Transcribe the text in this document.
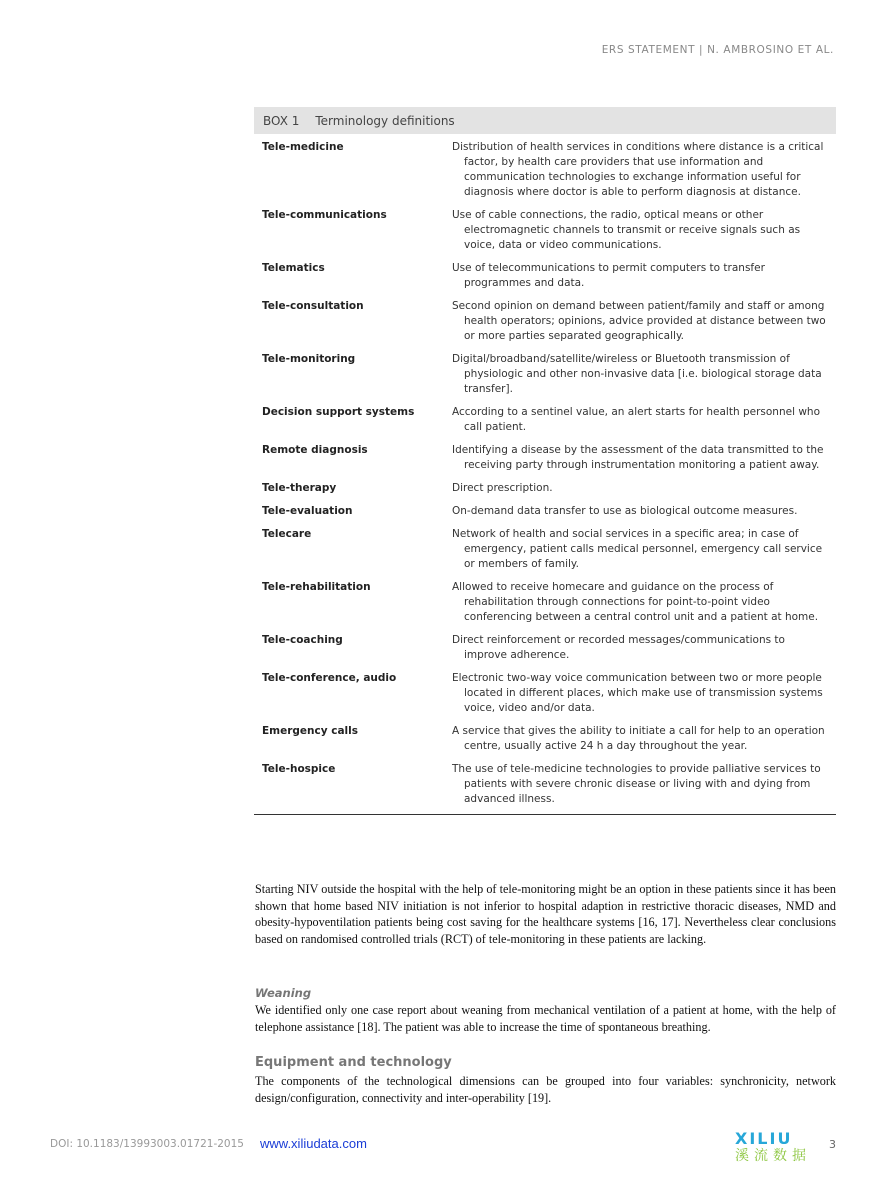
ERS STATEMENT | N. AMBROSINO ET AL.
BOX 1 Terminology definitions
Tele-medicine	Distribution of health services in conditions where distance is a critical factor, by health care providers that use information and communication technologies to exchange information useful for diagnosis where doctor is able to perform diagnosis at distance.
Tele-communications	Use of cable connections, the radio, optical means or other electromagnetic channels to transmit or receive signals such as voice, data or video communications.
Telematics	Use of telecommunications to permit computers to transfer programmes and data.
Tele-consultation	Second opinion on demand between patient/family and staff or among health operators; opinions, advice provided at distance between two or more parties separated geographically.
Tele-monitoring	Digital/broadband/satellite/wireless or Bluetooth transmission of physiologic and other non-invasive data [i.e. biological storage data transfer].
Decision support systems	According to a sentinel value, an alert starts for health personnel who call patient.
Remote diagnosis	Identifying a disease by the assessment of the data transmitted to the receiving party through instrumentation monitoring a patient away.
Tele-therapy	Direct prescription.
Tele-evaluation	On-demand data transfer to use as biological outcome measures.
Telecare	Network of health and social services in a specific area; in case of emergency, patient calls medical personnel, emergency call service or members of family.
Tele-rehabilitation	Allowed to receive homecare and guidance on the process of rehabilitation through connections for point-to-point video conferencing between a central control unit and a patient at home.
Tele-coaching	Direct reinforcement or recorded messages/communications to improve adherence.
Tele-conference, audio	Electronic two-way voice communication between two or more people located in different places, which make use of transmission systems voice, video and/or data.
Emergency calls	A service that gives the ability to initiate a call for help to an operation centre, usually active 24 h a day throughout the year.
Tele-hospice	The use of tele-medicine technologies to provide palliative services to patients with severe chronic disease or living with and dying from advanced illness.

Starting NIV outside the hospital with the help of tele-monitoring might be an option in these patients since it has been shown that home based NIV initiation is not inferior to hospital adaption in restrictive thoracic diseases, NMD and obesity-hypoventilation patients being cost saving for the healthcare systems [16, 17]. Nevertheless clear conclusions based on randomised controlled trials (RCT) of tele-monitoring in these patients are lacking.

Weaning

We identified only one case report about weaning from mechanical ventilation of a patient at home, with the help of telephone assistance [18]. The patient was able to increase the time of spontaneous breathing.

Equipment and technology

The components of the technological dimensions can be grouped into four variables: synchronicity, network design/configuration, connectivity and inter-operability [19].

DOI: 10.1183/13993003.01721-2015 www.xiliudata.com	XILIU
溪流数据
3
